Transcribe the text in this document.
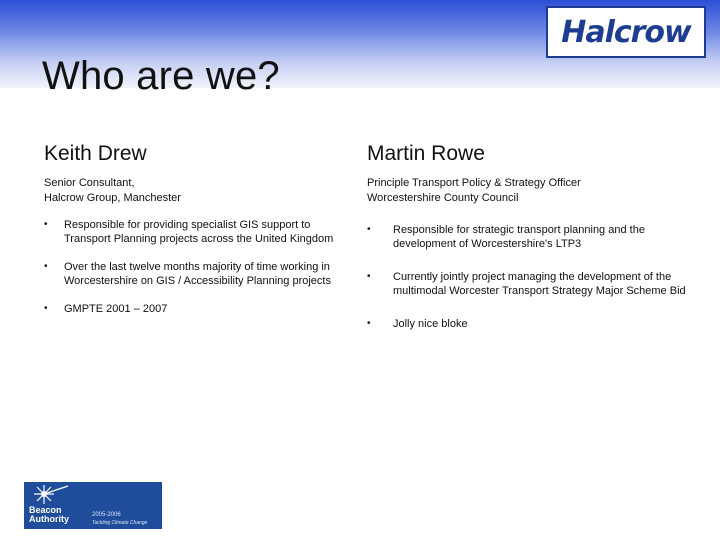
Who are we?
Halcrow
Keith Drew
Senior Consultant,
Halcrow Group, Manchester
• Responsible for providing specialist GIS support to Transport Planning projects across the United Kingdom
• Over the last twelve months majority of time working in Worcestershire on GIS / Accessibility Planning projects
• GMPTE 2001 – 2007
Martin Rowe
Principle Transport Policy & Strategy Officer
Worcestershire County Council
• Responsible for strategic transport planning and the development of Worcestershire's LTP3
• Currently jointly project managing the development of the multimodal Worcester Transport Strategy Major Scheme Bid
• Jolly nice bloke
Beacon
Authority	2005-2006
Tackling Climate Change
